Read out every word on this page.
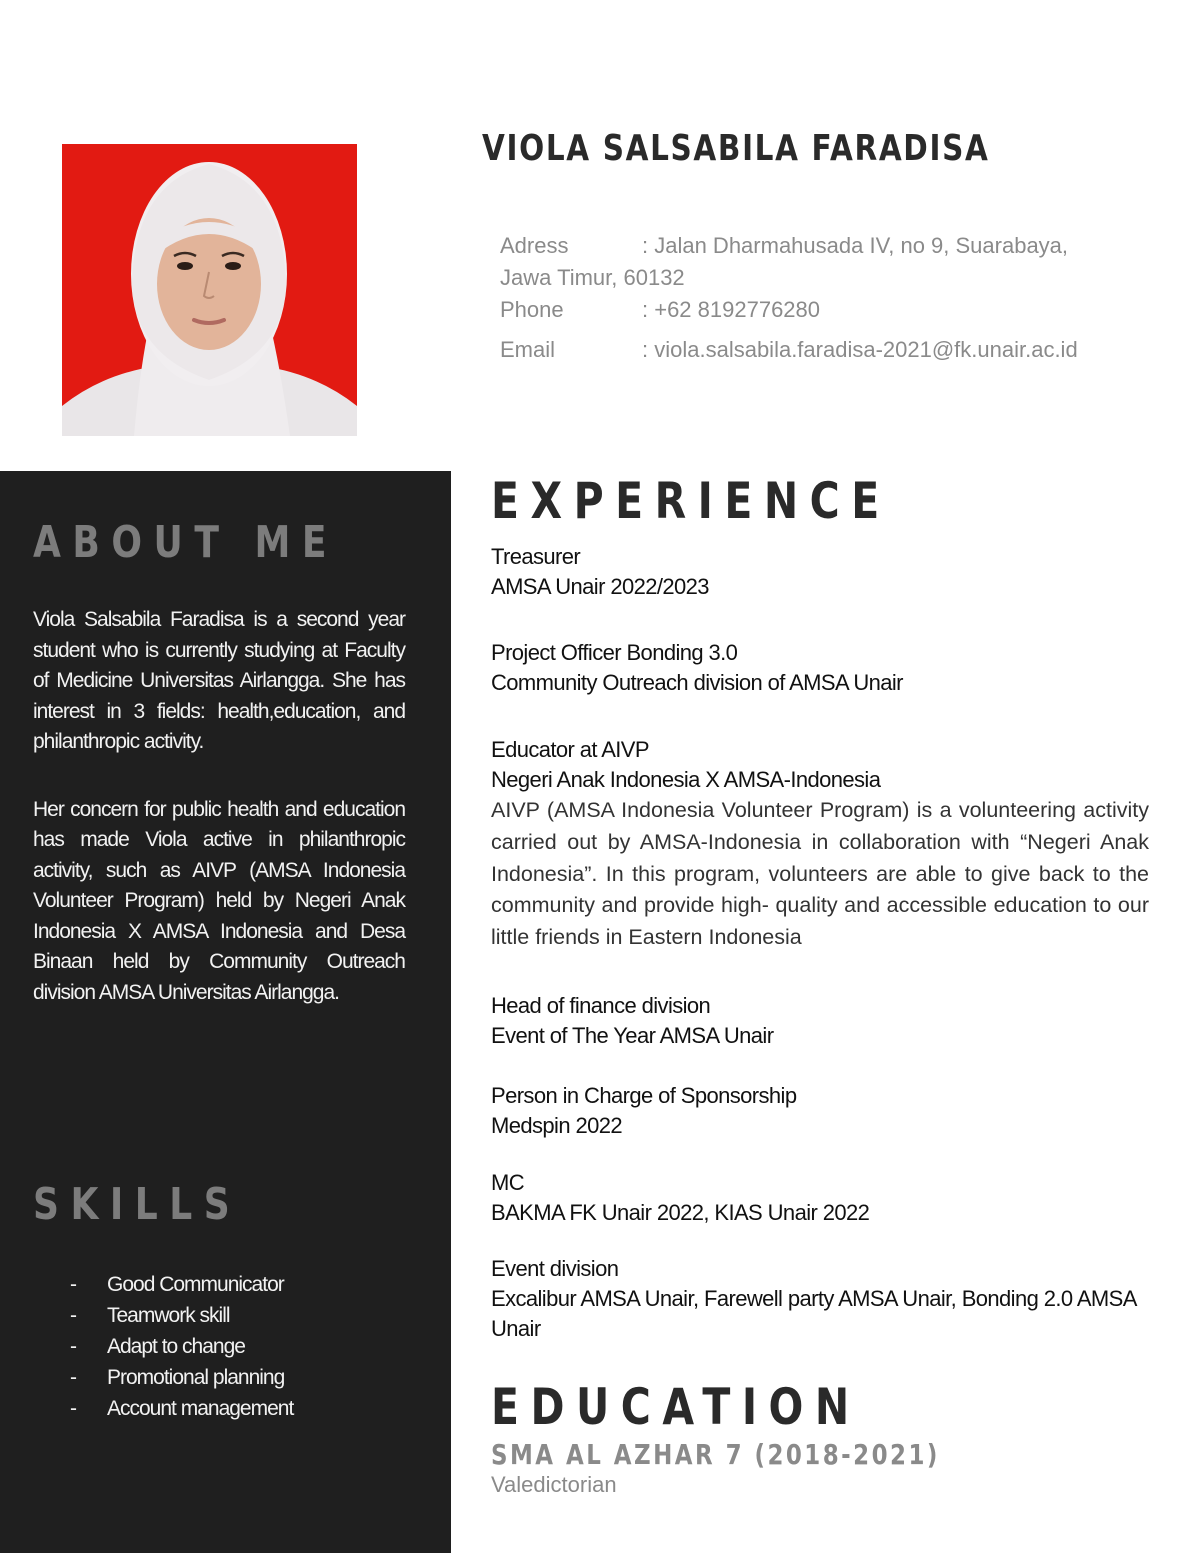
VIOLA SALSABILA FARADISA
Adress	: Jalan Dharmahusada IV, no 9, Suarabaya,
Jawa Timur, 60132
Phone	: +62 8192776280
Email	: viola.salsabila.faradisa-2021@fk.unair.ac.id
ABOUT ME

Viola Salsabila Faradisa is a second year student who is currently studying at Faculty of Medicine Universitas Airlangga. She has interest in 3 fields: health,education, and philanthropic activity.

Her concern for public health and education has made Viola active in philanthropic activity, such as AIVP (AMSA Indonesia Volunteer Program) held by Negeri Anak Indonesia X AMSA Indonesia and Desa Binaan held by Community Outreach division AMSA Universitas Airlangga.

SKILLS
-	Good Communicator
-	Teamwork skill
-	Adapt to change
-	Promotional planning
-	Account management
EXPERIENCE
Treasurer
AMSA Unair 2022/2023
Project Officer Bonding 3.0
Community Outreach division of AMSA Unair
Educator at AIVP
Negeri Anak Indonesia X AMSA-Indonesia

AIVP (AMSA Indonesia Volunteer Program) is a volunteering activity carried out by AMSA-Indonesia in collaboration with “Negeri Anak Indonesia”. In this program, volunteers are able to give back to the community and provide high- quality and accessible education to our little friends in Eastern Indonesia

Head of finance division
Event of The Year AMSA Unair
Person in Charge of Sponsorship
Medspin 2022
MC
BAKMA FK Unair 2022, KIAS Unair 2022
Event division
Excalibur AMSA Unair, Farewell party AMSA Unair, Bonding 2.0 AMSA Unair
EDUCATION
SMA AL AZHAR 7 (2018-2021)
Valedictorian
